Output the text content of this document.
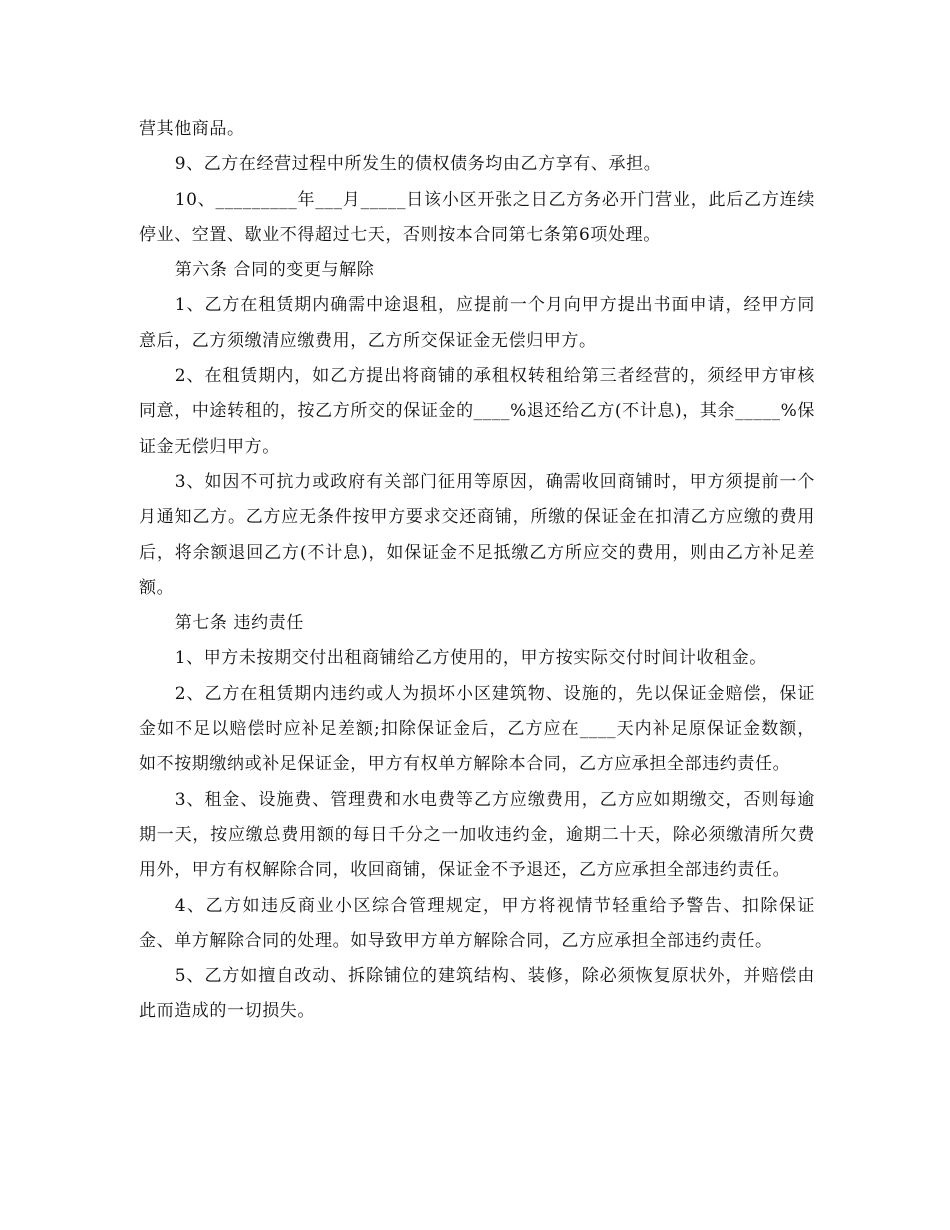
营其他商品。

9、乙方在经营过程中所发生的债权债务均由乙方享有、承担。

10、_________年___月_____日该小区开张之日乙方务必开门营业，此后乙方连续停业、空置、歇业不得超过七天，否则按本合同第七条第6项处理。

第六条 合同的变更与解除

1、乙方在租赁期内确需中途退租，应提前一个月向甲方提出书面申请，经甲方同意后，乙方须缴清应缴费用，乙方所交保证金无偿归甲方。

2、在租赁期内，如乙方提出将商铺的承租权转租给第三者经营的，须经甲方审核同意，中途转租的，按乙方所交的保证金的____%退还给乙方(不计息)，其余_____%保证金无偿归甲方。

3、如因不可抗力或政府有关部门征用等原因，确需收回商铺时，甲方须提前一个月通知乙方。乙方应无条件按甲方要求交还商铺，所缴的保证金在扣清乙方应缴的费用后，将余额退回乙方(不计息)，如保证金不足抵缴乙方所应交的费用，则由乙方补足差额。

第七条 违约责任

1、甲方未按期交付出租商铺给乙方使用的，甲方按实际交付时间计收租金。

2、乙方在租赁期内违约或人为损坏小区建筑物、设施的，先以保证金赔偿，保证金如不足以赔偿时应补足差额;扣除保证金后，乙方应在____天内补足原保证金数额，如不按期缴纳或补足保证金，甲方有权单方解除本合同，乙方应承担全部违约责任。

3、租金、设施费、管理费和水电费等乙方应缴费用，乙方应如期缴交，否则每逾期一天，按应缴总费用额的每日千分之一加收违约金，逾期二十天，除必须缴清所欠费用外，甲方有权解除合同，收回商铺，保证金不予退还，乙方应承担全部违约责任。

4、乙方如违反商业小区综合管理规定，甲方将视情节轻重给予警告、扣除保证金、单方解除合同的处理。如导致甲方单方解除合同，乙方应承担全部违约责任。

5、乙方如擅自改动、拆除铺位的建筑结构、装修，除必须恢复原状外，并赔偿由此而造成的一切损失。
